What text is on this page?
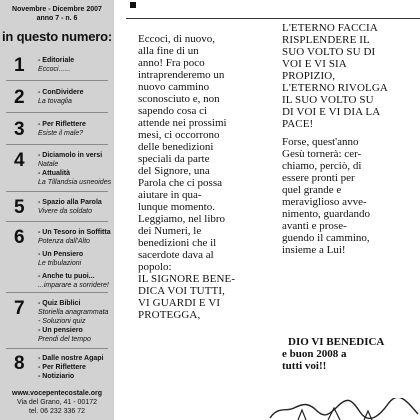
Novembre - Dicembre 2007
anno 7 - n. 6
in questo numero:
1 - Editoriale
Eccoci......
2 - ConDividere
La tovaglia
3 - Per Riflettere
Esiste il male?
4 - Diciamolo in versi
Natale
- Attualità
La Tillandsia usneoides
5 - Spazio alla Parola
Vivere da soldato
6 - Un Tesoro in Soffitta
Potenza dall'Alto
- Un Pensiero
Le tribulazioni
- Anche tu puoi...
...imparare a sorridere!
7 - Quiz Biblici
Storiella anagrammata
- Soluzioni quiz
- Un pensiero
Prendi del tempo
8 - Dalle nostre Agapi
- Per Riflettere
- Notiziario
www.vocepentecostale.org
Via del Grano, 41 - 00172
tel. 06 232 336 72
Eccoci, di nuovo,
alla fine di un
anno! Fra poco
intraprenderemo un
nuovo cammino
sconosciuto e, non
sapendo cosa ci
attende nei prossimi
mesi, ci occorrono
delle benedizioni
speciali da parte
del Signore, una
Parola che ci possa
aiutare in qua-
lunque momento.
Leggiamo, nel libro
dei Numeri, le
benedizioni che il
sacerdote dava al
popolo:
IL SIGNORE BENE-
DICA VOI TUTTI,
VI GUARDI E VI
PROTEGGA,
L'ETERNO FACCIA
RISPLENDERE IL
SUO VOLTO SU DI
VOI E VI SIA
PROPIZIO,
L'ETERNO RIVOLGA
IL SUO VOLTO SU
DI VOI E VI DIA LA
PACE!
Forse, quest'anno
Gesù tornerà: cer-
chiamo, perciò, di
essere pronti per
quel grande e
meraviglioso avve-
nimento, guardando
avanti e prose-
guendo il cammino,
insieme a Lui!
DIO VI BENEDICA
e buon 2008 a
tutti voi!!
